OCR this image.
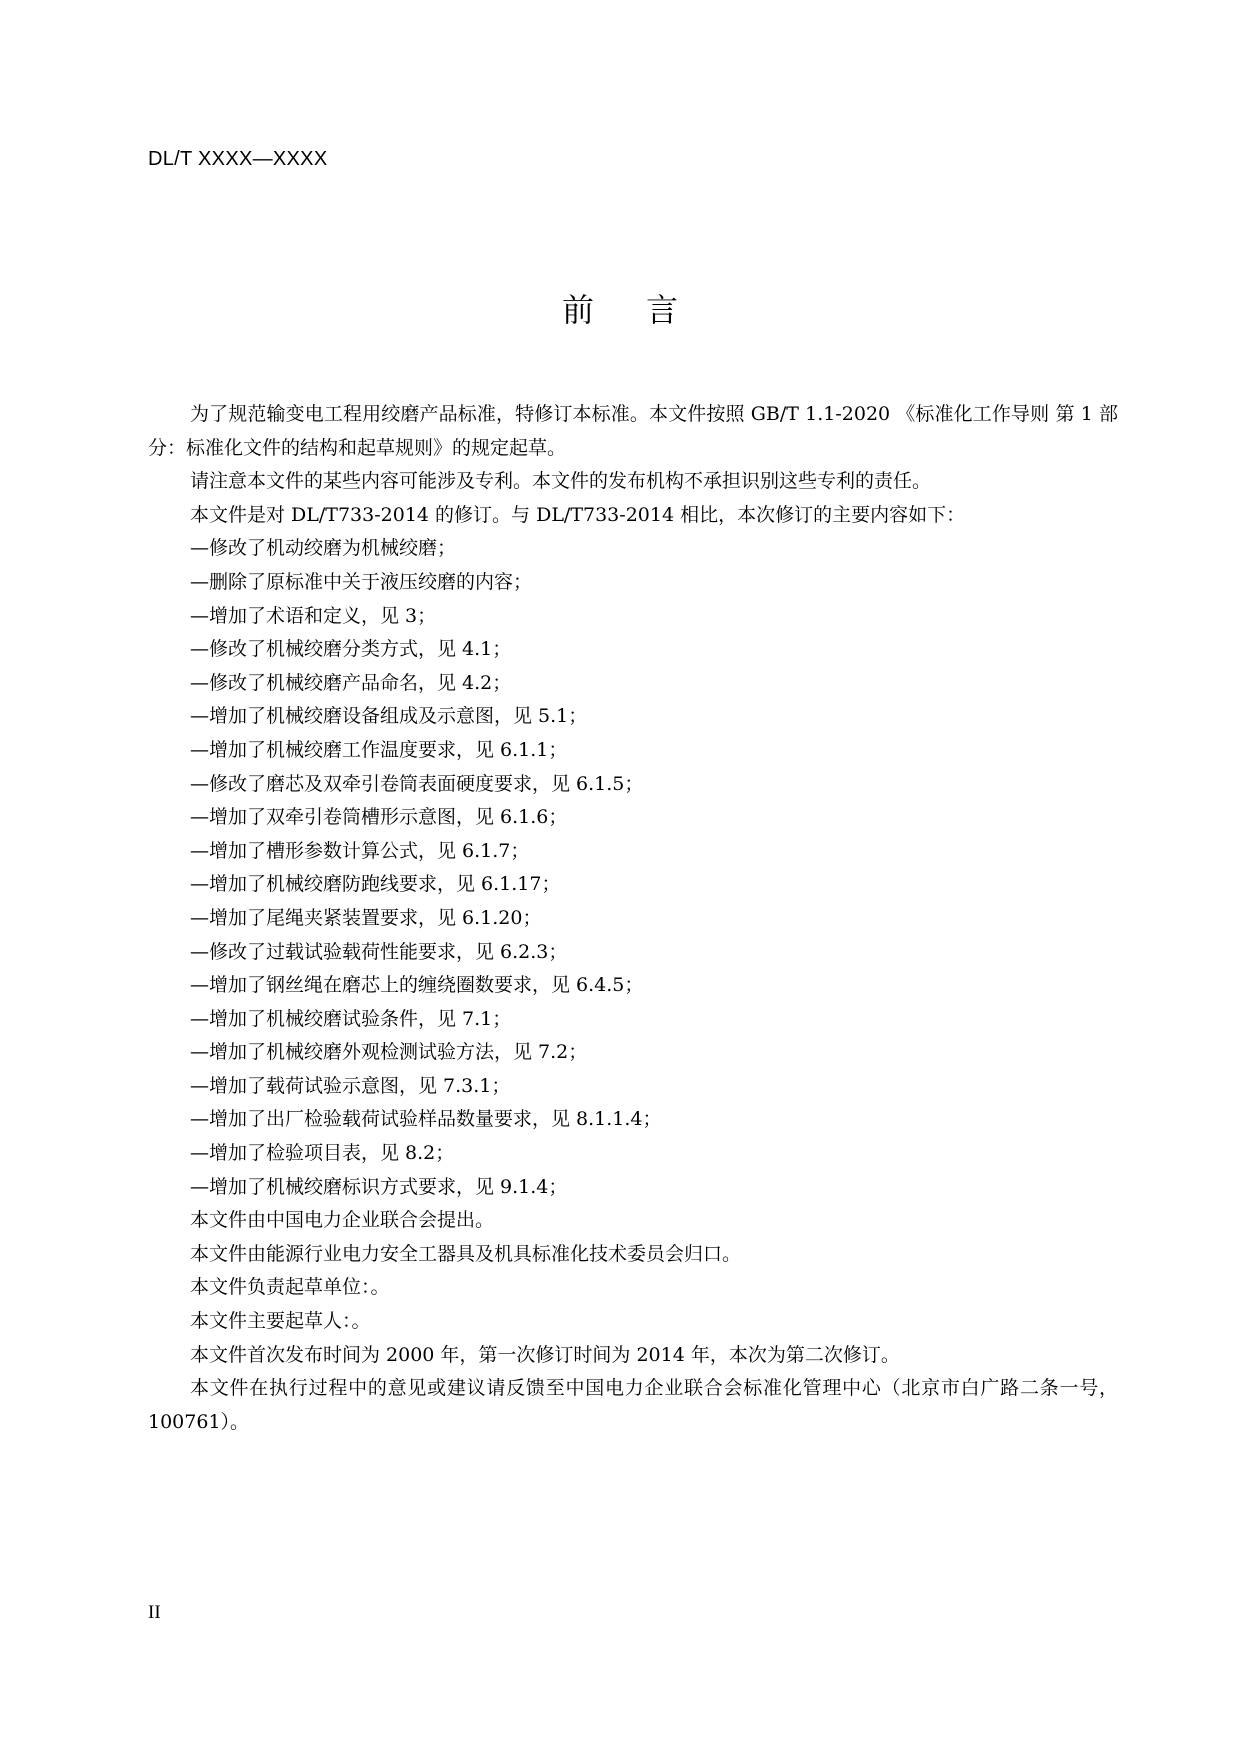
DL/T XXXX—XXXX
前言

为了规范输变电工程用绞磨产品标准，特修订本标准。本文件按照 GB/T 1.1-2020 《标准化工作导则 第 1 部分：标准化文件的结构和起草规则》的规定起草。

请注意本文件的某些内容可能涉及专利。本文件的发布机构不承担识别这些专利的责任。

本文件是对 DL/T733-2014 的修订。与 DL/T733-2014 相比，本次修订的主要内容如下：

—修改了机动绞磨为机械绞磨；

—删除了原标准中关于液压绞磨的内容；

—增加了术语和定义，见 3；

—修改了机械绞磨分类方式，见 4.1；

—修改了机械绞磨产品命名，见 4.2；

—增加了机械绞磨设备组成及示意图，见 5.1；

—增加了机械绞磨工作温度要求，见 6.1.1；

—修改了磨芯及双牵引卷筒表面硬度要求，见 6.1.5；

—增加了双牵引卷筒槽形示意图，见 6.1.6；

—增加了槽形参数计算公式，见 6.1.7；

—增加了机械绞磨防跑线要求，见 6.1.17；

—增加了尾绳夹紧装置要求，见 6.1.20；

—修改了过载试验载荷性能要求，见 6.2.3；

—增加了钢丝绳在磨芯上的缠绕圈数要求，见 6.4.5；

—增加了机械绞磨试验条件，见 7.1；

—增加了机械绞磨外观检测试验方法，见 7.2；

—增加了载荷试验示意图，见 7.3.1；

—增加了出厂检验载荷试验样品数量要求，见 8.1.1.4；

—增加了检验项目表，见 8.2；

—增加了机械绞磨标识方式要求，见 9.1.4；

本文件由中国电力企业联合会提出。

本文件由能源行业电力安全工器具及机具标准化技术委员会归口。

本文件负责起草单位：。

本文件主要起草人：。

本文件首次发布时间为 2000 年，第一次修订时间为 2014 年，本次为第二次修订。

本文件在执行过程中的意见或建议请反馈至中国电力企业联合会标准化管理中心（北京市白广路二条一号，100761）。

II
